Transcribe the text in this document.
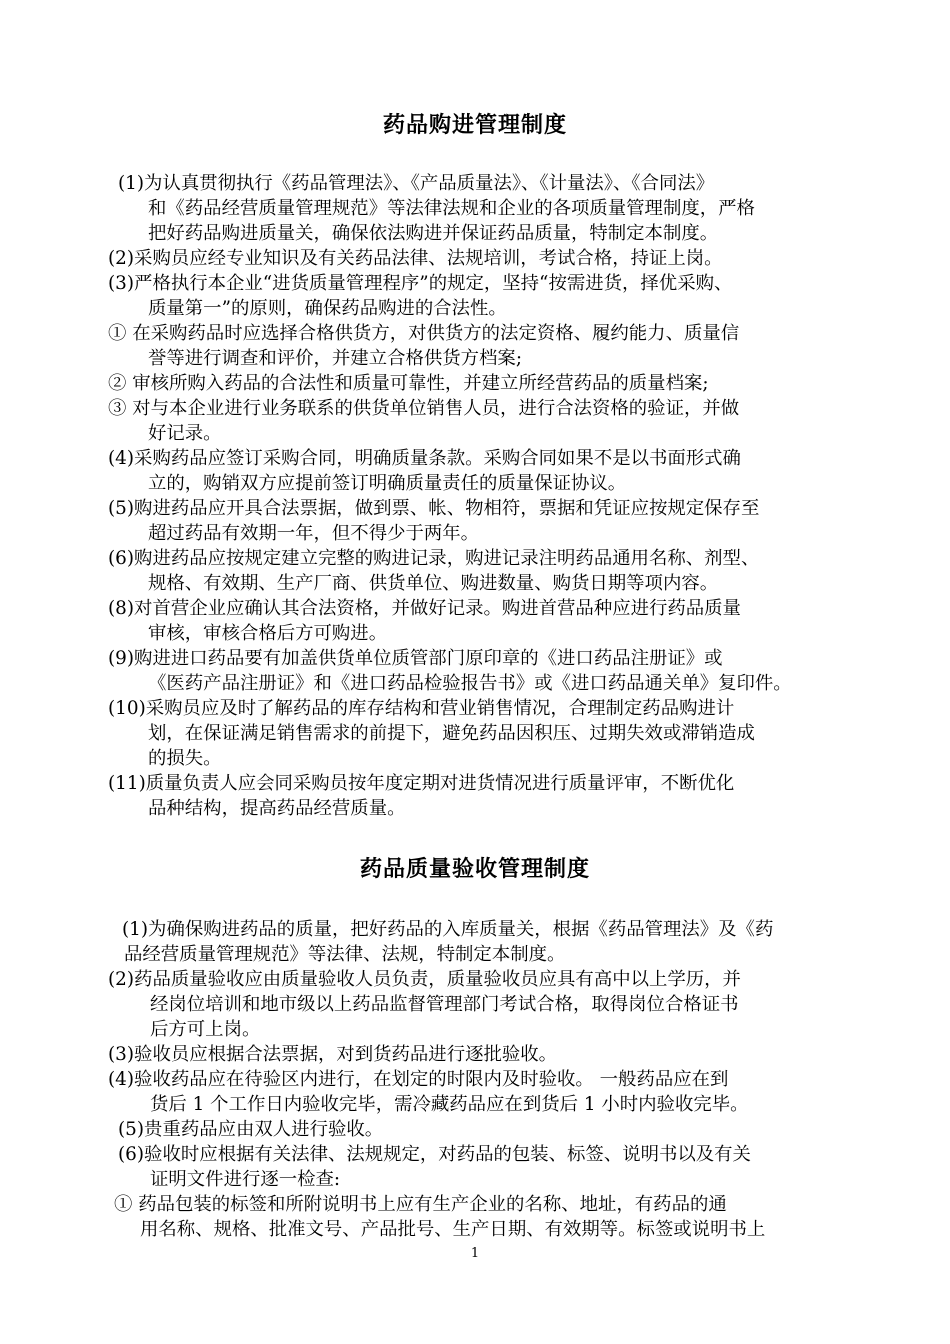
药品购进管理制度
(1)为认真贯彻执行《药品管理法》、《产品质量法》、《计量法》、《合同法》
和《药品经营质量管理规范》等法律法规和企业的各项质量管理制度，严格
把好药品购进质量关，确保依法购进并保证药品质量，特制定本制度。
(2)采购员应经专业知识及有关药品法律、法规培训，考试合格，持证上岗。
(3)严格执行本企业“进货质量管理程序”的规定，坚持“按需进货，择优采购、
质量第一”的原则，确保药品购进的合法性。
① 在采购药品时应选择合格供货方，对供货方的法定资格、履约能力、质量信
誉等进行调查和评价，并建立合格供货方档案;
② 审核所购入药品的合法性和质量可靠性，并建立所经营药品的质量档案;
③ 对与本企业进行业务联系的供货单位销售人员，进行合法资格的验证，并做
好记录。
(4)采购药品应签订采购合同，明确质量条款。采购合同如果不是以书面形式确
立的，购销双方应提前签订明确质量责任的质量保证协议。
(5)购进药品应开具合法票据，做到票、帐、物相符，票据和凭证应按规定保存至
超过药品有效期一年，但不得少于两年。
(6)购进药品应按规定建立完整的购进记录，购进记录注明药品通用名称、剂型、
规格、有效期、生产厂商、供货单位、购进数量、购货日期等项内容。
(8)对首营企业应确认其合法资格，并做好记录。购进首营品种应进行药品质量
审核，审核合格后方可购进。
(9)购进进口药品要有加盖供货单位质管部门原印章的《进口药品注册证》或
《医药产品注册证》和《进口药品检验报告书》或《进口药品通关单》复印件。
(10)采购员应及时了解药品的库存结构和营业销售情况，合理制定药品购进计
划，在保证满足销售需求的前提下，避免药品因积压、过期失效或滞销造成
的损失。
(11)质量负责人应会同采购员按年度定期对进货情况进行质量评审，不断优化
品种结构，提高药品经营质量。
药品质量验收管理制度
(1)为确保购进药品的质量，把好药品的入库质量关，根据《药品管理法》及《药
品经营质量管理规范》等法律、法规，特制定本制度。
(2)药品质量验收应由质量验收人员负责，质量验收员应具有高中以上学历，并
经岗位培训和地市级以上药品监督管理部门考试合格，取得岗位合格证书
后方可上岗。
(3)验收员应根据合法票据，对到货药品进行逐批验收。
(4)验收药品应在待验区内进行，在划定的时限内及时验收。 一般药品应在到
货后 1 个工作日内验收完毕，需冷藏药品应在到货后 1 小时内验收完毕。
(5)贵重药品应由双人进行验收。
(6)验收时应根据有关法律、法规规定，对药品的包装、标签、说明书以及有关
证明文件进行逐一检查:
① 药品包装的标签和所附说明书上应有生产企业的名称、地址，有药品的通
用名称、规格、批准文号、产品批号、生产日期、有效期等。标签或说明书上
1
